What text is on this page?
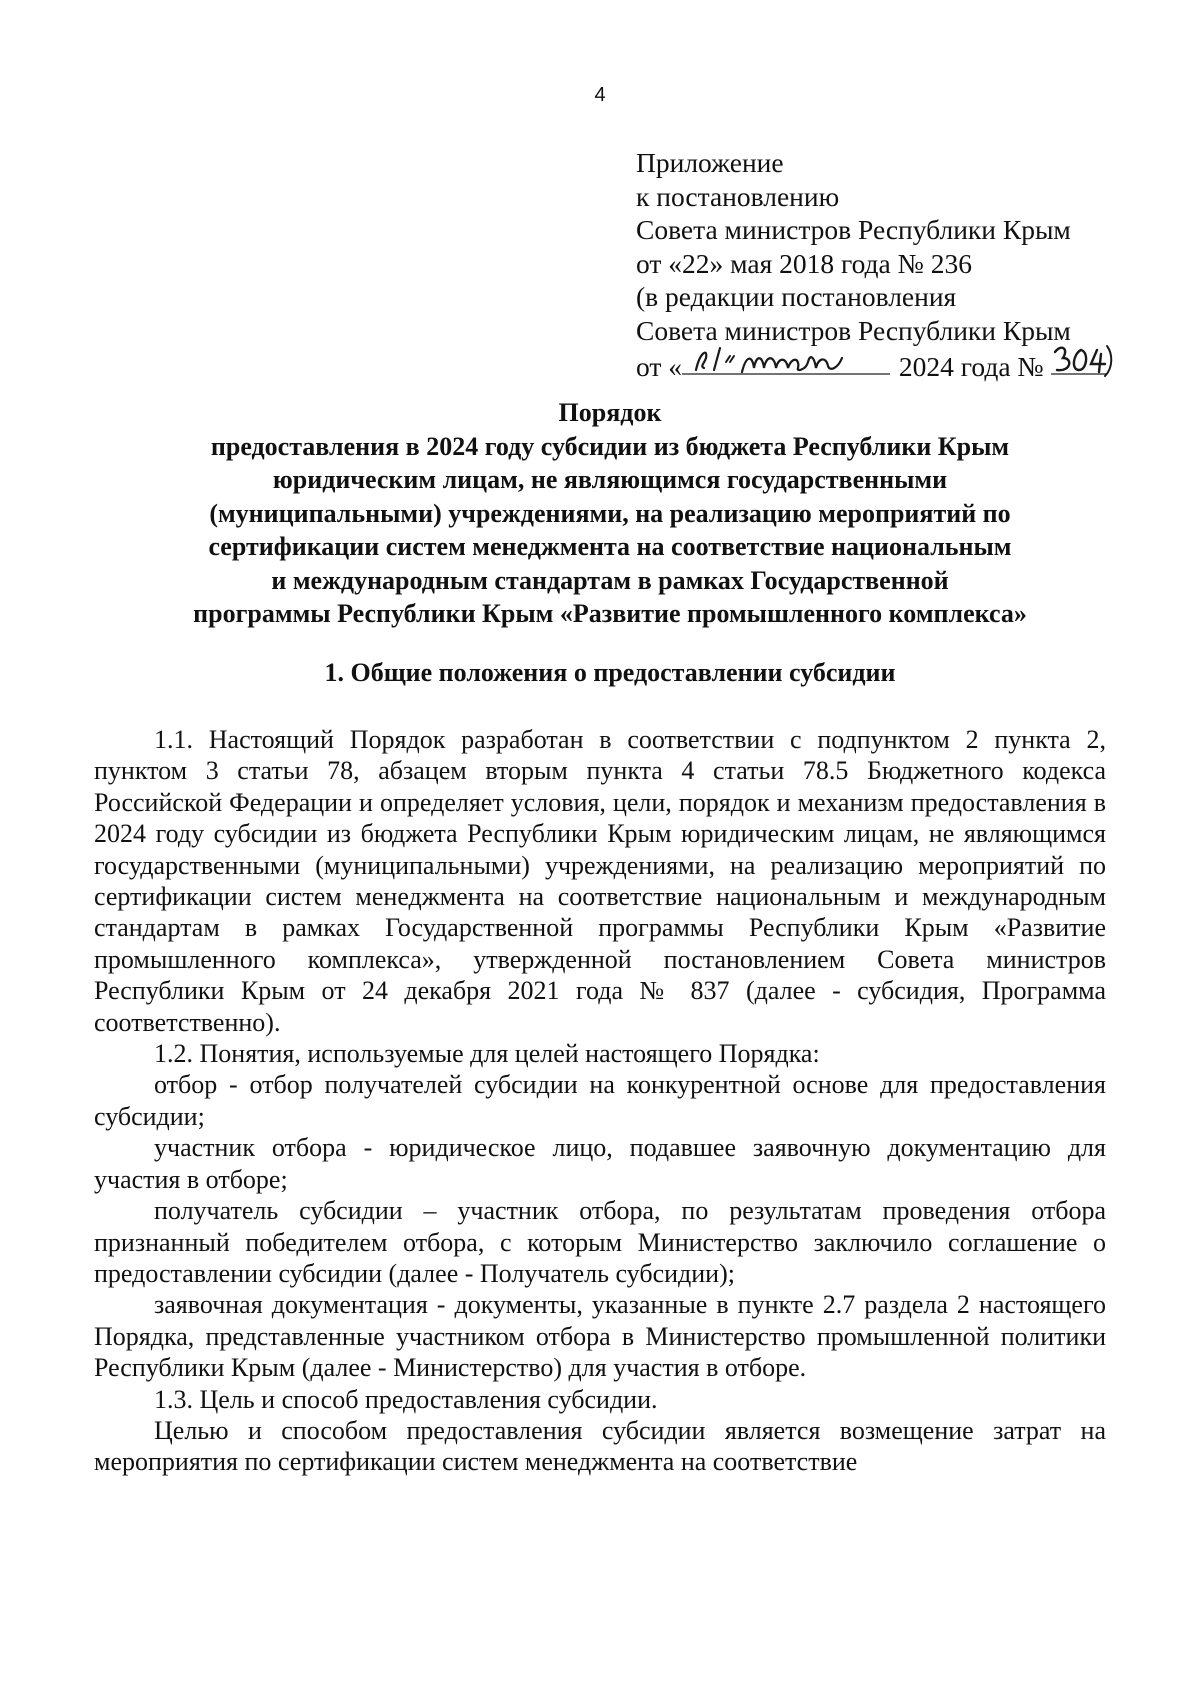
4
Приложение
к постановлению
Совета министров Республики Крым
от «22» мая 2018 года № 236
(в редакции постановления
Совета министров Республики Крым
от «	2024 года №
Порядок
предоставления в 2024 году субсидии из бюджета Республики Крым
юридическим лицам, не являющимся государственными
(муниципальными) учреждениями, на реализацию мероприятий по
сертификации систем менеджмента на соответствие национальным
и международным стандартам в рамках Государственной
программы Республики Крым «Развитие промышленного комплекса»
1. Общие положения о предоставлении субсидии

1.1. Настоящий Порядок разработан в соответствии с подпунктом 2 пункта 2, пунктом 3 статьи 78, абзацем вторым пункта 4 статьи 78.5 Бюджетного кодекса Российской Федерации и определяет условия, цели, порядок и механизм предоставления в 2024 году субсидии из бюджета Республики Крым юридическим лицам, не являющимся государственными (муниципальными) учреждениями, на реализацию мероприятий по сертификации систем менеджмента на соответствие национальным и международным стандартам в рамках Государственной программы Республики Крым «Развитие промышленного комплекса», утвержденной постановлением Совета министров Республики Крым от 24 декабря 2021 года № 837 (далее - субсидия, Программа соответственно).

1.2. Понятия, используемые для целей настоящего Порядка:

отбор - отбор получателей субсидии на конкурентной основе для предоставления субсидии;

участник отбора - юридическое лицо, подавшее заявочную документацию для участия в отборе;

получатель субсидии – участник отбора, по результатам проведения отбора признанный победителем отбора, с которым Министерство заключило соглашение о предоставлении субсидии (далее - Получатель субсидии);

заявочная документация - документы, указанные в пункте 2.7 раздела 2 настоящего Порядка, представленные участником отбора в Министерство промышленной политики Республики Крым (далее - Министерство) для участия в отборе.

1.3. Цель и способ предоставления субсидии.

Целью и способом предоставления субсидии является возмещение затрат на мероприятия по сертификации систем менеджмента на соответствие
